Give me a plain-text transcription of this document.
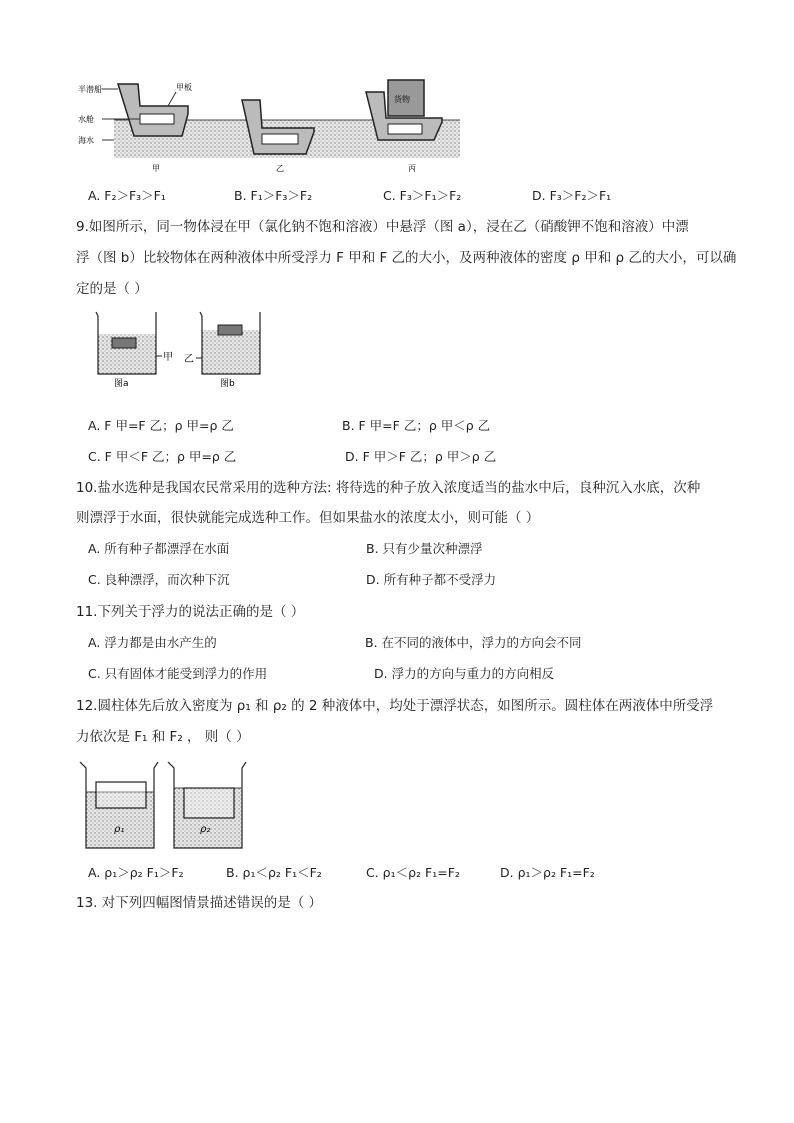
半潜船
水舱
海水
甲板
货物
甲	乙	丙
A. F₂＞F₃＞F₁	B. F₁＞F₃＞F₂	C. F₃＞F₁＞F₂	D. F₃＞F₂＞F₁
9.如图所示，同一物体浸在甲（氯化钠不饱和溶液）中悬浮（图 a），浸在乙（硝酸钾不饱和溶液）中漂
浮（图 b）比较物体在两种液体中所受浮力 F 甲和 F 乙的大小，及两种液体的密度 ρ 甲和 ρ 乙的大小，可以确
定的是（ ）
甲
图a
乙
图b
A. F 甲=F 乙；ρ 甲=ρ 乙	B. F 甲=F 乙；ρ 甲＜ρ 乙
C. F 甲＜F 乙；ρ 甲=ρ 乙	D. F 甲＞F 乙；ρ 甲＞ρ 乙
10.盐水选种是我国农民常采用的选种方法: 将待选的种子放入浓度适当的盐水中后，良种沉入水底，次种
则漂浮于水面，很快就能完成选种工作。但如果盐水的浓度太小，则可能（ ）
A. 所有种子都漂浮在水面	B. 只有少量次种漂浮
C. 良种漂浮，而次种下沉	D. 所有种子都不受浮力
11.下列关于浮力的说法正确的是（ ）
A. 浮力都是由水产生的	B. 在不同的液体中，浮力的方向会不同
C. 只有固体才能受到浮力的作用	D. 浮力的方向与重力的方向相反
12.圆柱体先后放入密度为 ρ₁ 和 ρ₂ 的 2 种液体中，均处于漂浮状态，如图所示。圆柱体在两液体中所受浮
力依次是 F₁ 和 F₂ ， 则（ ）
ρ₁	ρ₂
A. ρ₁＞ρ₂ F₁＞F₂	B. ρ₁＜ρ₂ F₁＜F₂	C. ρ₁＜ρ₂ F₁=F₂	D. ρ₁＞ρ₂ F₁=F₂
13. 对下列四幅图情景描述错误的是（ ）
